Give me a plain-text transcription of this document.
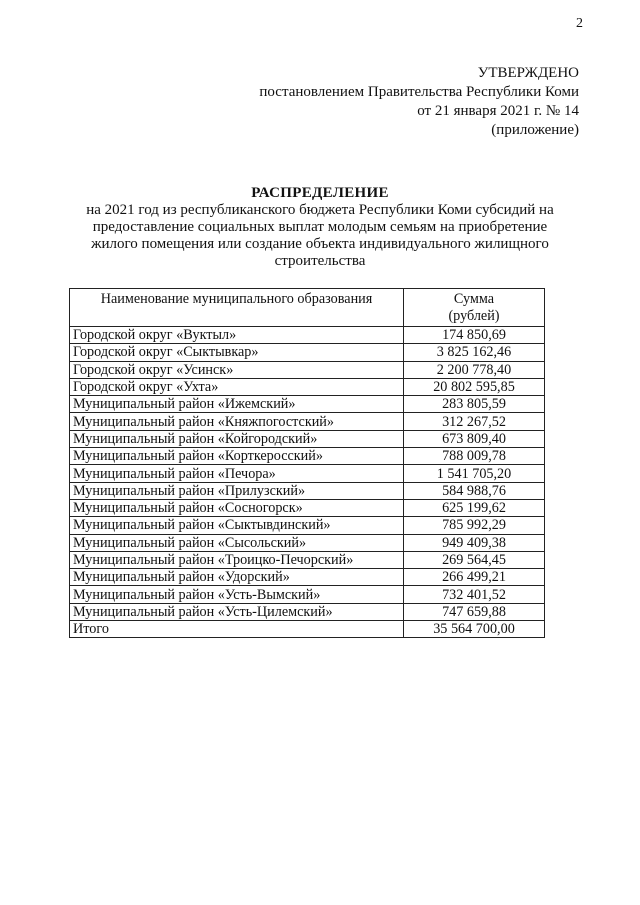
2
УТВЕРЖДЕНО
постановлением Правительства Республики Коми
от 21 января 2021 г. № 14
(приложение)
РАСПРЕДЕЛЕНИЕ
на 2021 год из республиканского бюджета Республики Коми субсидий на предоставление социальных выплат молодым семьям на приобретение жилого помещения или создание объекта индивидуального жилищного строительства
Наименование муниципального образования	Сумма
(рублей)

Городской округ «Вуктыл»	174 850,69
Городской округ «Сыктывкар»	3 825 162,46
Городской округ «Усинск»	2 200 778,40
Городской округ «Ухта»	20 802 595,85
Муниципальный район «Ижемский»	283 805,59
Муниципальный район «Княжпогостский»	312 267,52
Муниципальный район «Койгородский»	673 809,40
Муниципальный район «Корткеросский»	788 009,78
Муниципальный район «Печора»	1 541 705,20
Муниципальный район «Прилузский»	584 988,76
Муниципальный район «Сосногорск»	625 199,62
Муниципальный район «Сыктывдинский»	785 992,29
Муниципальный район «Сысольский»	949 409,38
Муниципальный район «Троицко-Печорский»	269 564,45
Муниципальный район «Удорский»	266 499,21
Муниципальный район «Усть-Вымский»	732 401,52
Муниципальный район «Усть-Цилемский»	747 659,88
Итого	35 564 700,00
